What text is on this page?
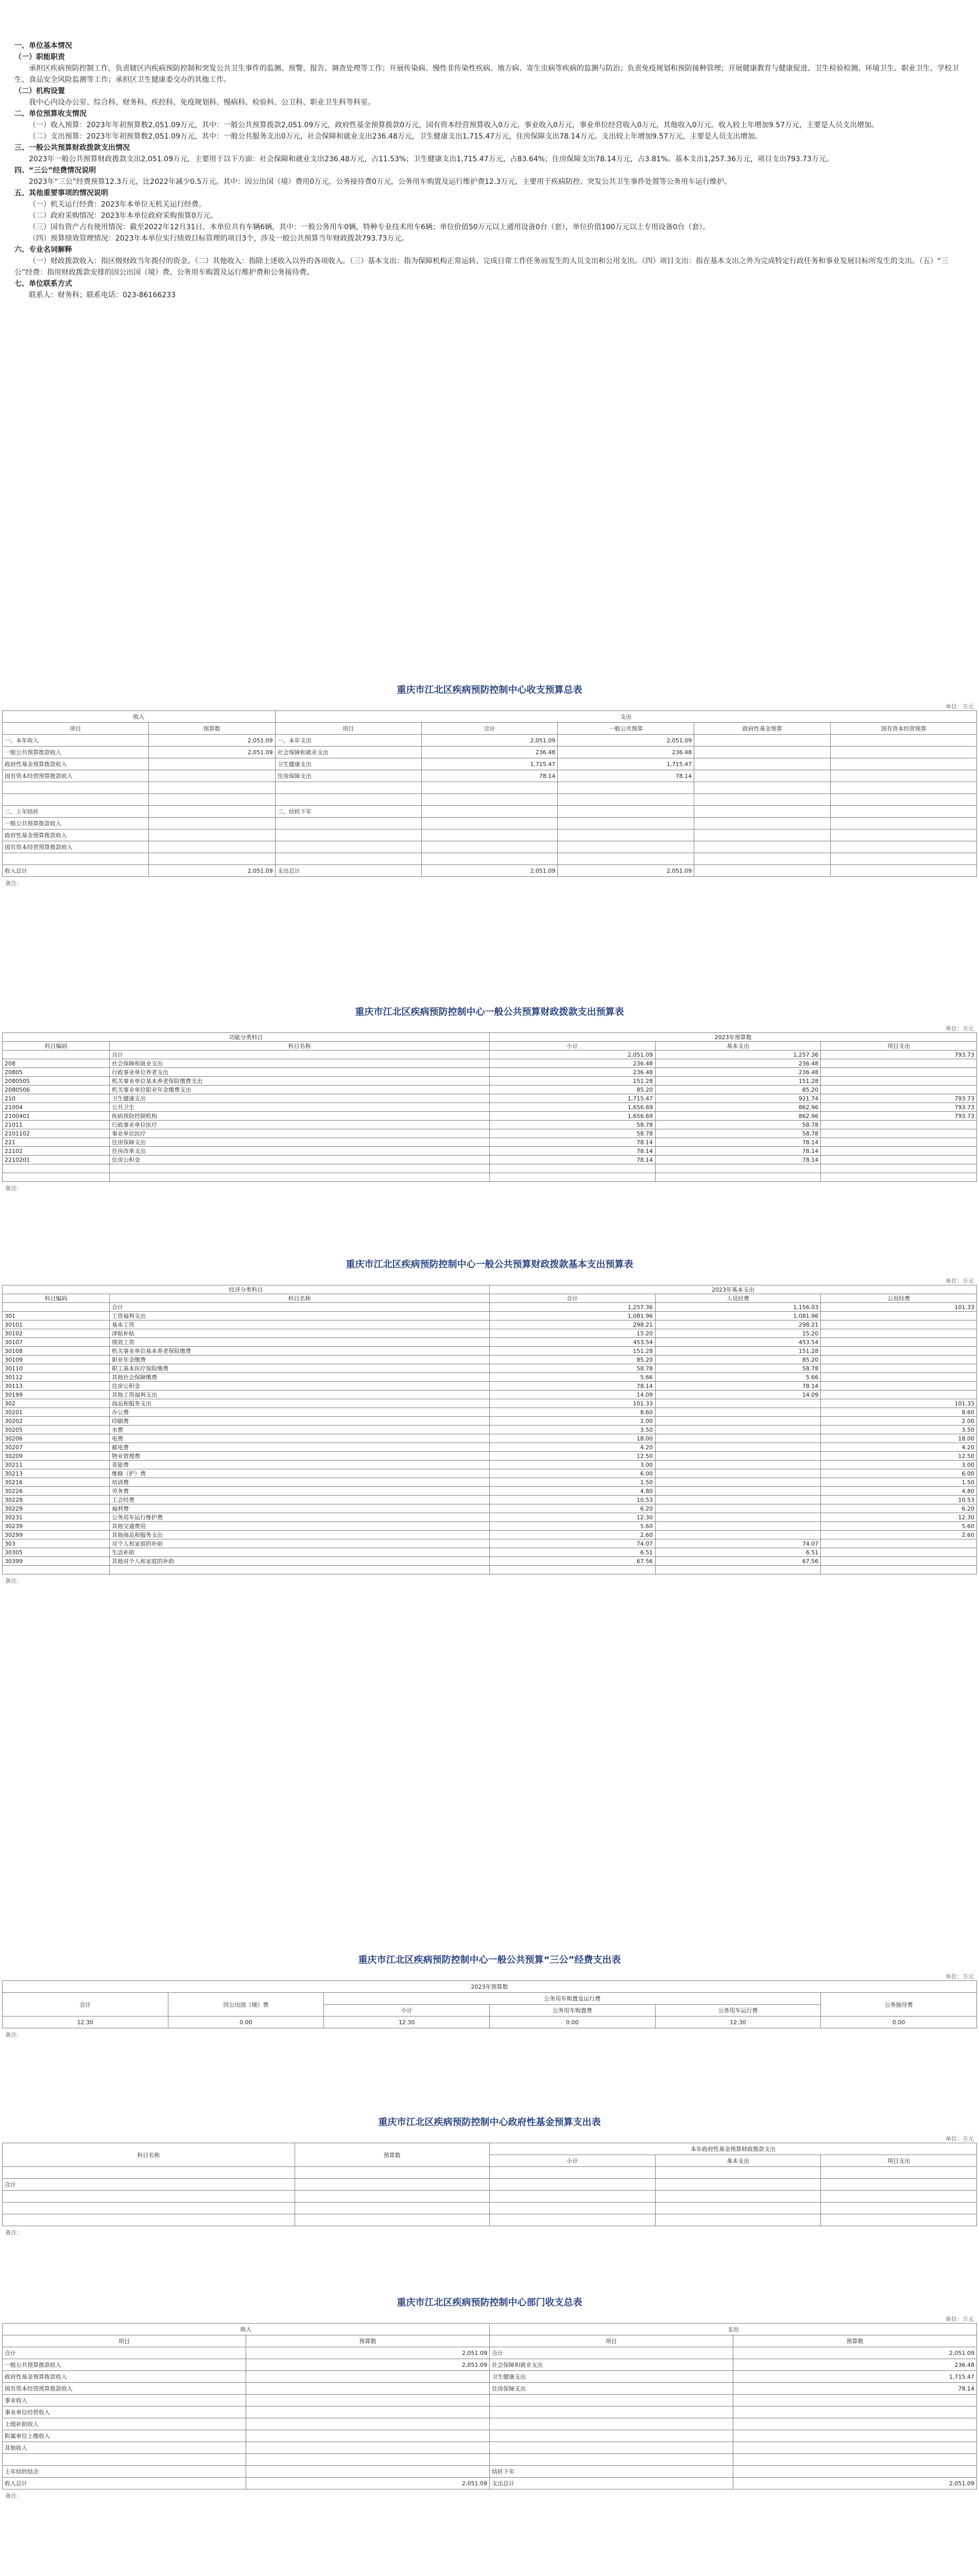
一、单位基本情况

（一）职能职责

承担区疾病预防控制工作，负责辖区内疾病预防控制和突发公共卫生事件的监测、预警、报告、调查处理等工作；开展传染病、慢性非传染性疾病、地方病、寄生虫病等疾病的监测与防治；负责免疫规划和预防接种管理；开展健康教育与健康促进、卫生检验检测、环境卫生、职业卫生、学校卫生、食品安全风险监测等工作；承担区卫生健康委交办的其他工作。

（二）机构设置

我中心内设办公室、综合科、财务科、疾控科、免疫规划科、慢病科、检验科、公卫科、职业卫生科等科室。

二、单位预算收支情况

（一）收入预算：2023年年初预算数2,051.09万元，其中：一般公共预算拨款2,051.09万元，政府性基金预算拨款0万元，国有资本经营预算收入0万元，事业收入0万元，事业单位经营收入0万元，其他收入0万元。收入较上年增加9.57万元，主要是人员支出增加。

（二）支出预算：2023年年初预算数2,051.09万元，其中：一般公共服务支出0万元，社会保障和就业支出236.48万元，卫生健康支出1,715.47万元，住房保障支出78.14万元。支出较上年增加9.57万元，主要是人员支出增加。

三、一般公共预算财政拨款支出情况

2023年一般公共预算财政拨款支出2,051.09万元，主要用于以下方面：社会保障和就业支出236.48万元，占11.53%；卫生健康支出1,715.47万元，占83.64%；住房保障支出78.14万元，占3.81%。基本支出1,257.36万元，项目支出793.73万元。

四、“三公”经费情况说明

2023年“三公”经费预算12.3万元，比2022年减少0.5万元。其中：因公出国（境）费用0万元，公务接待费0万元，公务用车购置及运行维护费12.3万元，主要用于疾病防控、突发公共卫生事件处置等公务用车运行维护。

五、其他重要事项的情况说明

（一）机关运行经费：2023年本单位无机关运行经费。

（二）政府采购情况：2023年本单位政府采购预算0万元。

（三）国有资产占有使用情况：截至2022年12月31日，本单位共有车辆6辆，其中：一般公务用车0辆，特种专业技术用车6辆；单位价值50万元以上通用设备0台（套），单位价值100万元以上专用设备0台（套）。

（四）预算绩效管理情况：2023年本单位实行绩效目标管理的项目3个，涉及一般公共预算当年财政拨款793.73万元。

六、专业名词解释

（一）财政拨款收入：指区级财政当年拨付的资金。（二）其他收入：指除上述收入以外的各项收入。（三）基本支出：指为保障机构正常运转、完成日常工作任务而发生的人员支出和公用支出。（四）项目支出：指在基本支出之外为完成特定行政任务和事业发展目标所发生的支出。（五）“三公”经费：指用财政拨款安排的因公出国（境）费、公务用车购置及运行维护费和公务接待费。

七、单位联系方式

联系人：财务科；联系电话：023-86166233

重庆市江北区疾病预防控制中心收支预算总表
单位：万元
收入		支出				
项目	预算数	项目	合计	一般公共预算	政府性基金预算	国有资本经营预算
一、本年收入	2,051.09	一、本年支出	2,051.09	2,051.09		
一般公共预算拨款收入	2,051.09	社会保障和就业支出	236.48	236.48		
政府性基金预算拨款收入		卫生健康支出	1,715.47	1,715.47		
国有资本经营预算拨款收入		住房保障支出	78.14	78.14		

二、上年结转		二、结转下年				
一般公共预算拨款收入						
政府性基金预算拨款收入						
国有资本经营预算拨款收入						

收入总计	2,051.09	支出总计	2,051.09	2,051.09		
备注：
重庆市江北区疾病预防控制中心一般公共预算财政拨款支出预算表
单位：万元
功能分类科目		2023年预算数		
科目编码	科目名称	小计	基本支出	项目支出
	合计	2,051.09	1,257.36	793.73
208	社会保障和就业支出	236.48	236.48	
20805	行政事业单位养老支出	236.48	236.48	
2080505	机关事业单位基本养老保险缴费支出	151.28	151.28	
2080506	机关事业单位职业年金缴费支出	85.20	85.20	
210	卫生健康支出	1,715.47	921.74	793.73
21004	公共卫生	1,656.69	862.96	793.73
2100401	疾病预防控制机构	1,656.69	862.96	793.73
21011	行政事业单位医疗	58.78	58.78	
2101102	事业单位医疗	58.78	58.78	
221	住房保障支出	78.14	78.14	
22102	住房改革支出	78.14	78.14	
2210201	住房公积金	78.14	78.14	

备注：
重庆市江北区疾病预防控制中心一般公共预算财政拨款基本支出预算表
单位：万元
经济分类科目		2023年基本支出		
科目编码	科目名称	合计	人员经费	公用经费
	合计	1,257.36	1,156.03	101.33
301	工资福利支出	1,081.96	1,081.96	
30101	基本工资	298.21	298.21	
30102	津贴补贴	15.20	15.20	
30107	绩效工资	453.54	453.54	
30108	机关事业单位基本养老保险缴费	151.28	151.28	
30109	职业年金缴费	85.20	85.20	
30110	职工基本医疗保险缴费	58.78	58.78	
30112	其他社会保障缴费	5.66	5.66	
30113	住房公积金	78.14	78.14	
30199	其他工资福利支出	14.09	14.09	
302	商品和服务支出	101.33		101.33
30201	办公费	8.60		8.60
30202	印刷费	2.00		2.00
30205	水费	3.50		3.50
30206	电费	18.00		18.00
30207	邮电费	4.20		4.20
30209	物业管理费	12.50		12.50
30211	差旅费	3.00		3.00
30213	维修（护）费	6.00		6.00
30216	培训费	1.50		1.50
30226	劳务费	4.80		4.80
30228	工会经费	10.53		10.53
30229	福利费	6.20		6.20
30231	公务用车运行维护费	12.30		12.30
30239	其他交通费用	5.60		5.60
30299	其他商品和服务支出	2.60		2.60
303	对个人和家庭的补助	74.07	74.07	
30305	生活补助	6.51	6.51	
30399	其他对个人和家庭的补助	67.56	67.56	

备注：
重庆市江北区疾病预防控制中心一般公共预算“三公”经费支出表
单位：万元
2023年预算数					
合计	因公出国（境）费	公务用车购置及运行费			公务接待费
		小计	公务用车购置费	公务用车运行费	
12.30	0.00	12.30	0.00	12.30	0.00
备注：
重庆市江北区疾病预防控制中心政府性基金预算支出表
单位：万元
科目名称	预算数	本年政府性基金预算财政拨款支出		
		小计	基本支出	项目支出

合计				

备注：
重庆市江北区疾病预防控制中心部门收支总表
单位：万元
收入		支出	
项目	预算数	项目	预算数
合计	2,051.09	合计	2,051.09
一般公共预算拨款收入	2,051.09	社会保障和就业支出	236.48
政府性基金预算拨款收入		卫生健康支出	1,715.47
国有资本经营预算拨款收入		住房保障支出	78.14
事业收入			
事业单位经营收入			
上级补助收入			
附属单位上缴收入			
其他收入			

上年结转结余		结转下年	
收入总计	2,051.09	支出总计	2,051.09
备注：
